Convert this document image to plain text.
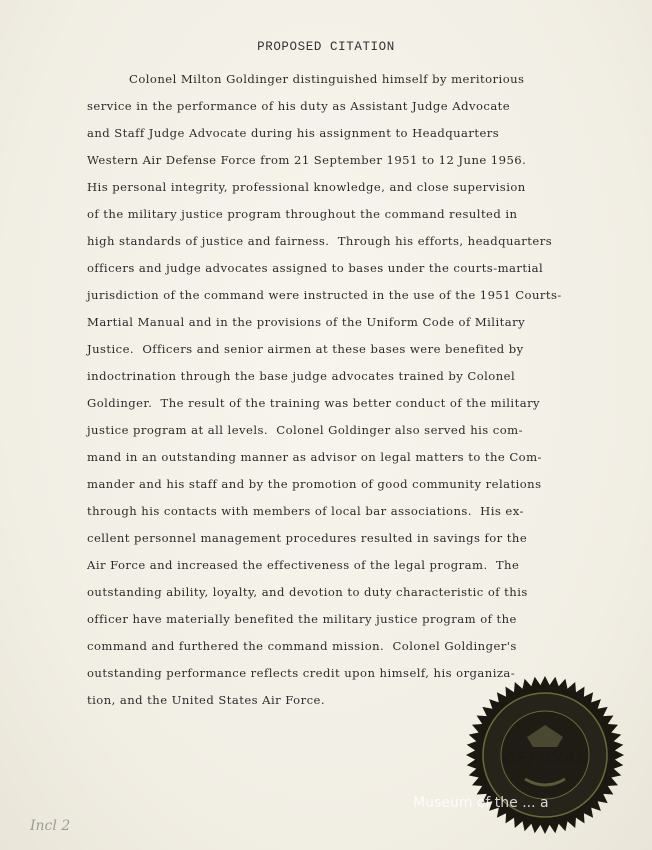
PROPOSED CITATION
Colonel Milton Goldinger distinguished himself by meritorious
service in the performance of his duty as Assistant Judge Advocate
and Staff Judge Advocate during his assignment to Headquarters
Western Air Defense Force from 21 September 1951 to 12 June 1956.
His personal integrity, professional knowledge, and close supervision
of the military justice program throughout the command resulted in
high standards of justice and fairness.  Through his efforts, headquarters
officers and judge advocates assigned to bases under the courts-martial
jurisdiction of the command were instructed in the use of the 1951 Courts-
Martial Manual and in the provisions of the Uniform Code of Military
Justice.  Officers and senior airmen at these bases were benefited by
indoctrination through the base judge advocates trained by Colonel
Goldinger.  The result of the training was better conduct of the military
justice program at all levels.  Colonel Goldinger also served his com-
mand in an outstanding manner as advisor on legal matters to the Com-
mander and his staff and by the promotion of good community relations
through his contacts with members of local bar associations.  His ex-
cellent personnel management procedures resulted in savings for the
Air Force and increased the effectiveness of the legal program.  The
outstanding ability, loyalty, and devotion to duty characteristic of this
officer have materially benefited the military justice program of the
command and furthered the command mission.  Colonel Goldinger's
outstanding performance reflects credit upon himself, his organiza-
tion, and the United States Air Force.
OFFICIAL
Museum of the ... a
Incl 2
